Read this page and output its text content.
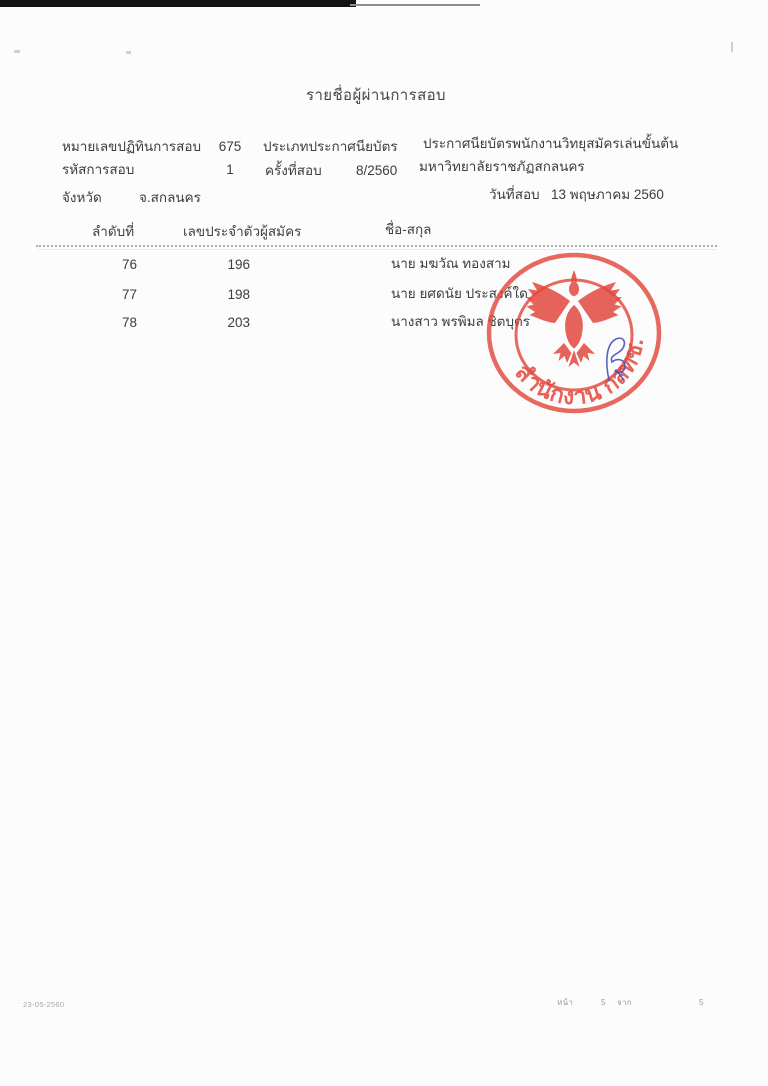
รายชื่อผู้ผ่านการสอบ
หมายเลขปฏิทินการสอบ	675	ประเภทประกาศนียบัตร ประกาศนียบัตรพนักงานวิทยุสมัครเล่นขั้นต้น
รหัสการสอบ	1	ครั้งที่สอบ	8/2560 มหาวิทยาลัยราชภัฏสกลนคร
จังหวัด	จ.สกลนคร	วันที่สอบ 13 พฤษภาคม 2560
ลำดับที่	เลขประจำตัวผู้สมัคร	ชื่อ-สกุล
76	196	นาย มฆวัณ ทองสาม
77	198	นาย ยศดนัย ประสงค์ใด
78	203	นางสาว พรพิมล ชิตบุตร
สำนักงาน กสทช.
23-05-2560	หน้า	5 จาก	5
